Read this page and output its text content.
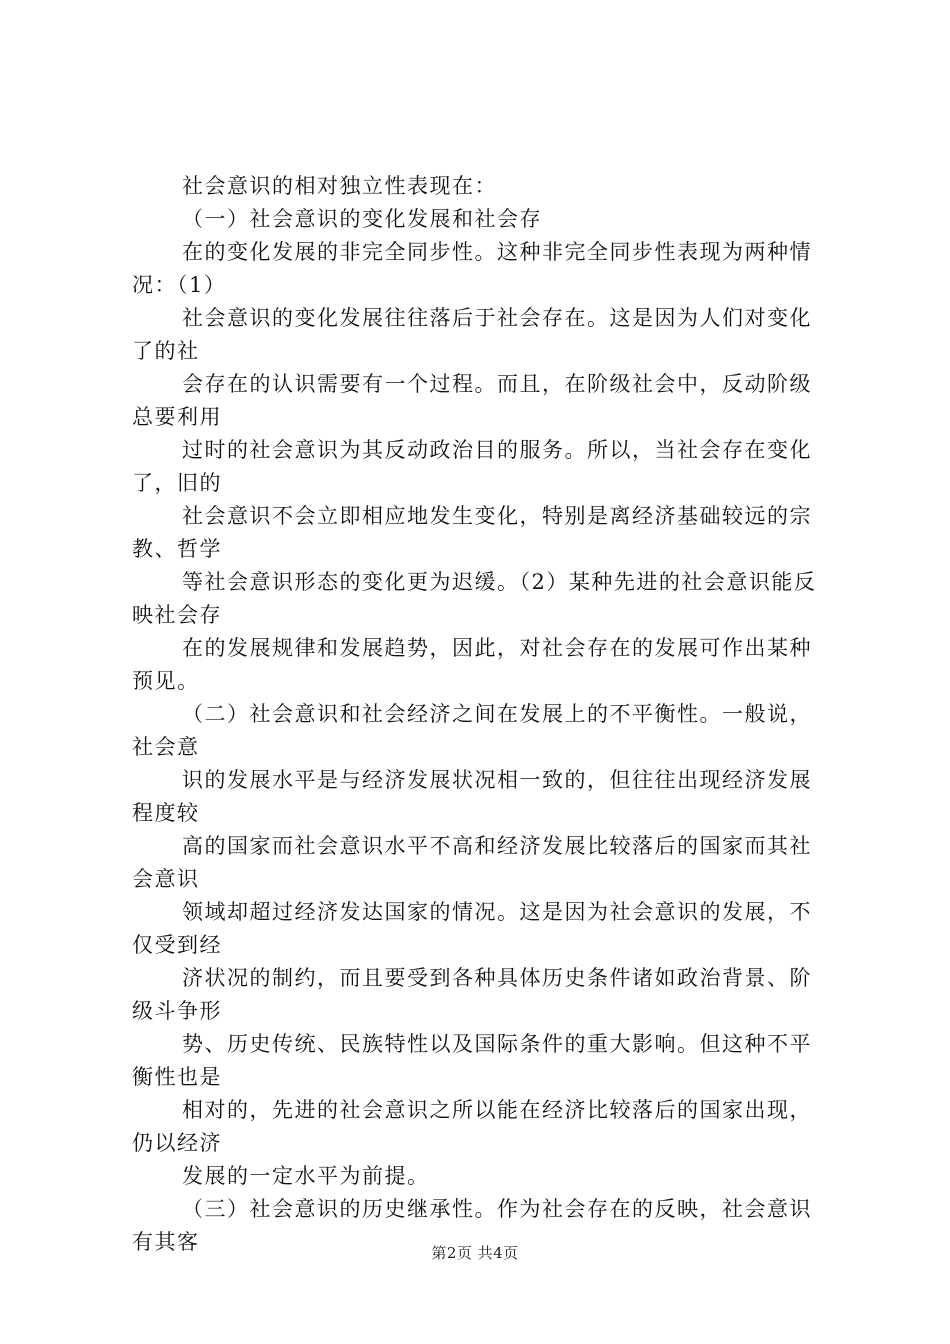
社会意识的相对独立性表现在：

（一）社会意识的变化发展和社会存

在的变化发展的非完全同步性。这种非完全同步性表现为两种情况：（1）

社会意识的变化发展往往落后于社会存在。这是因为人们对变化了的社

会存在的认识需要有一个过程。而且，在阶级社会中，反动阶级总要利用

过时的社会意识为其反动政治目的服务。所以，当社会存在变化了，旧的

社会意识不会立即相应地发生变化，特别是离经济基础较远的宗教、哲学

等社会意识形态的变化更为迟缓。（2）某种先进的社会意识能反映社会存

在的发展规律和发展趋势，因此，对社会存在的发展可作出某种预见。

（二）社会意识和社会经济之间在发展上的不平衡性。一般说，社会意

识的发展水平是与经济发展状况相一致的，但往往出现经济发展程度较

高的国家而社会意识水平不高和经济发展比较落后的国家而其社会意识

领域却超过经济发达国家的情况。这是因为社会意识的发展，不仅受到经

济状况的制约，而且要受到各种具体历史条件诸如政治背景、阶级斗争形

势、历史传统、民族特性以及国际条件的重大影响。但这种不平衡性也是

相对的，先进的社会意识之所以能在经济比较落后的国家出现，仍以经济

发展的一定水平为前提。

（三）社会意识的历史继承性。作为社会存在的反映，社会意识有其客	第2页 共4页
